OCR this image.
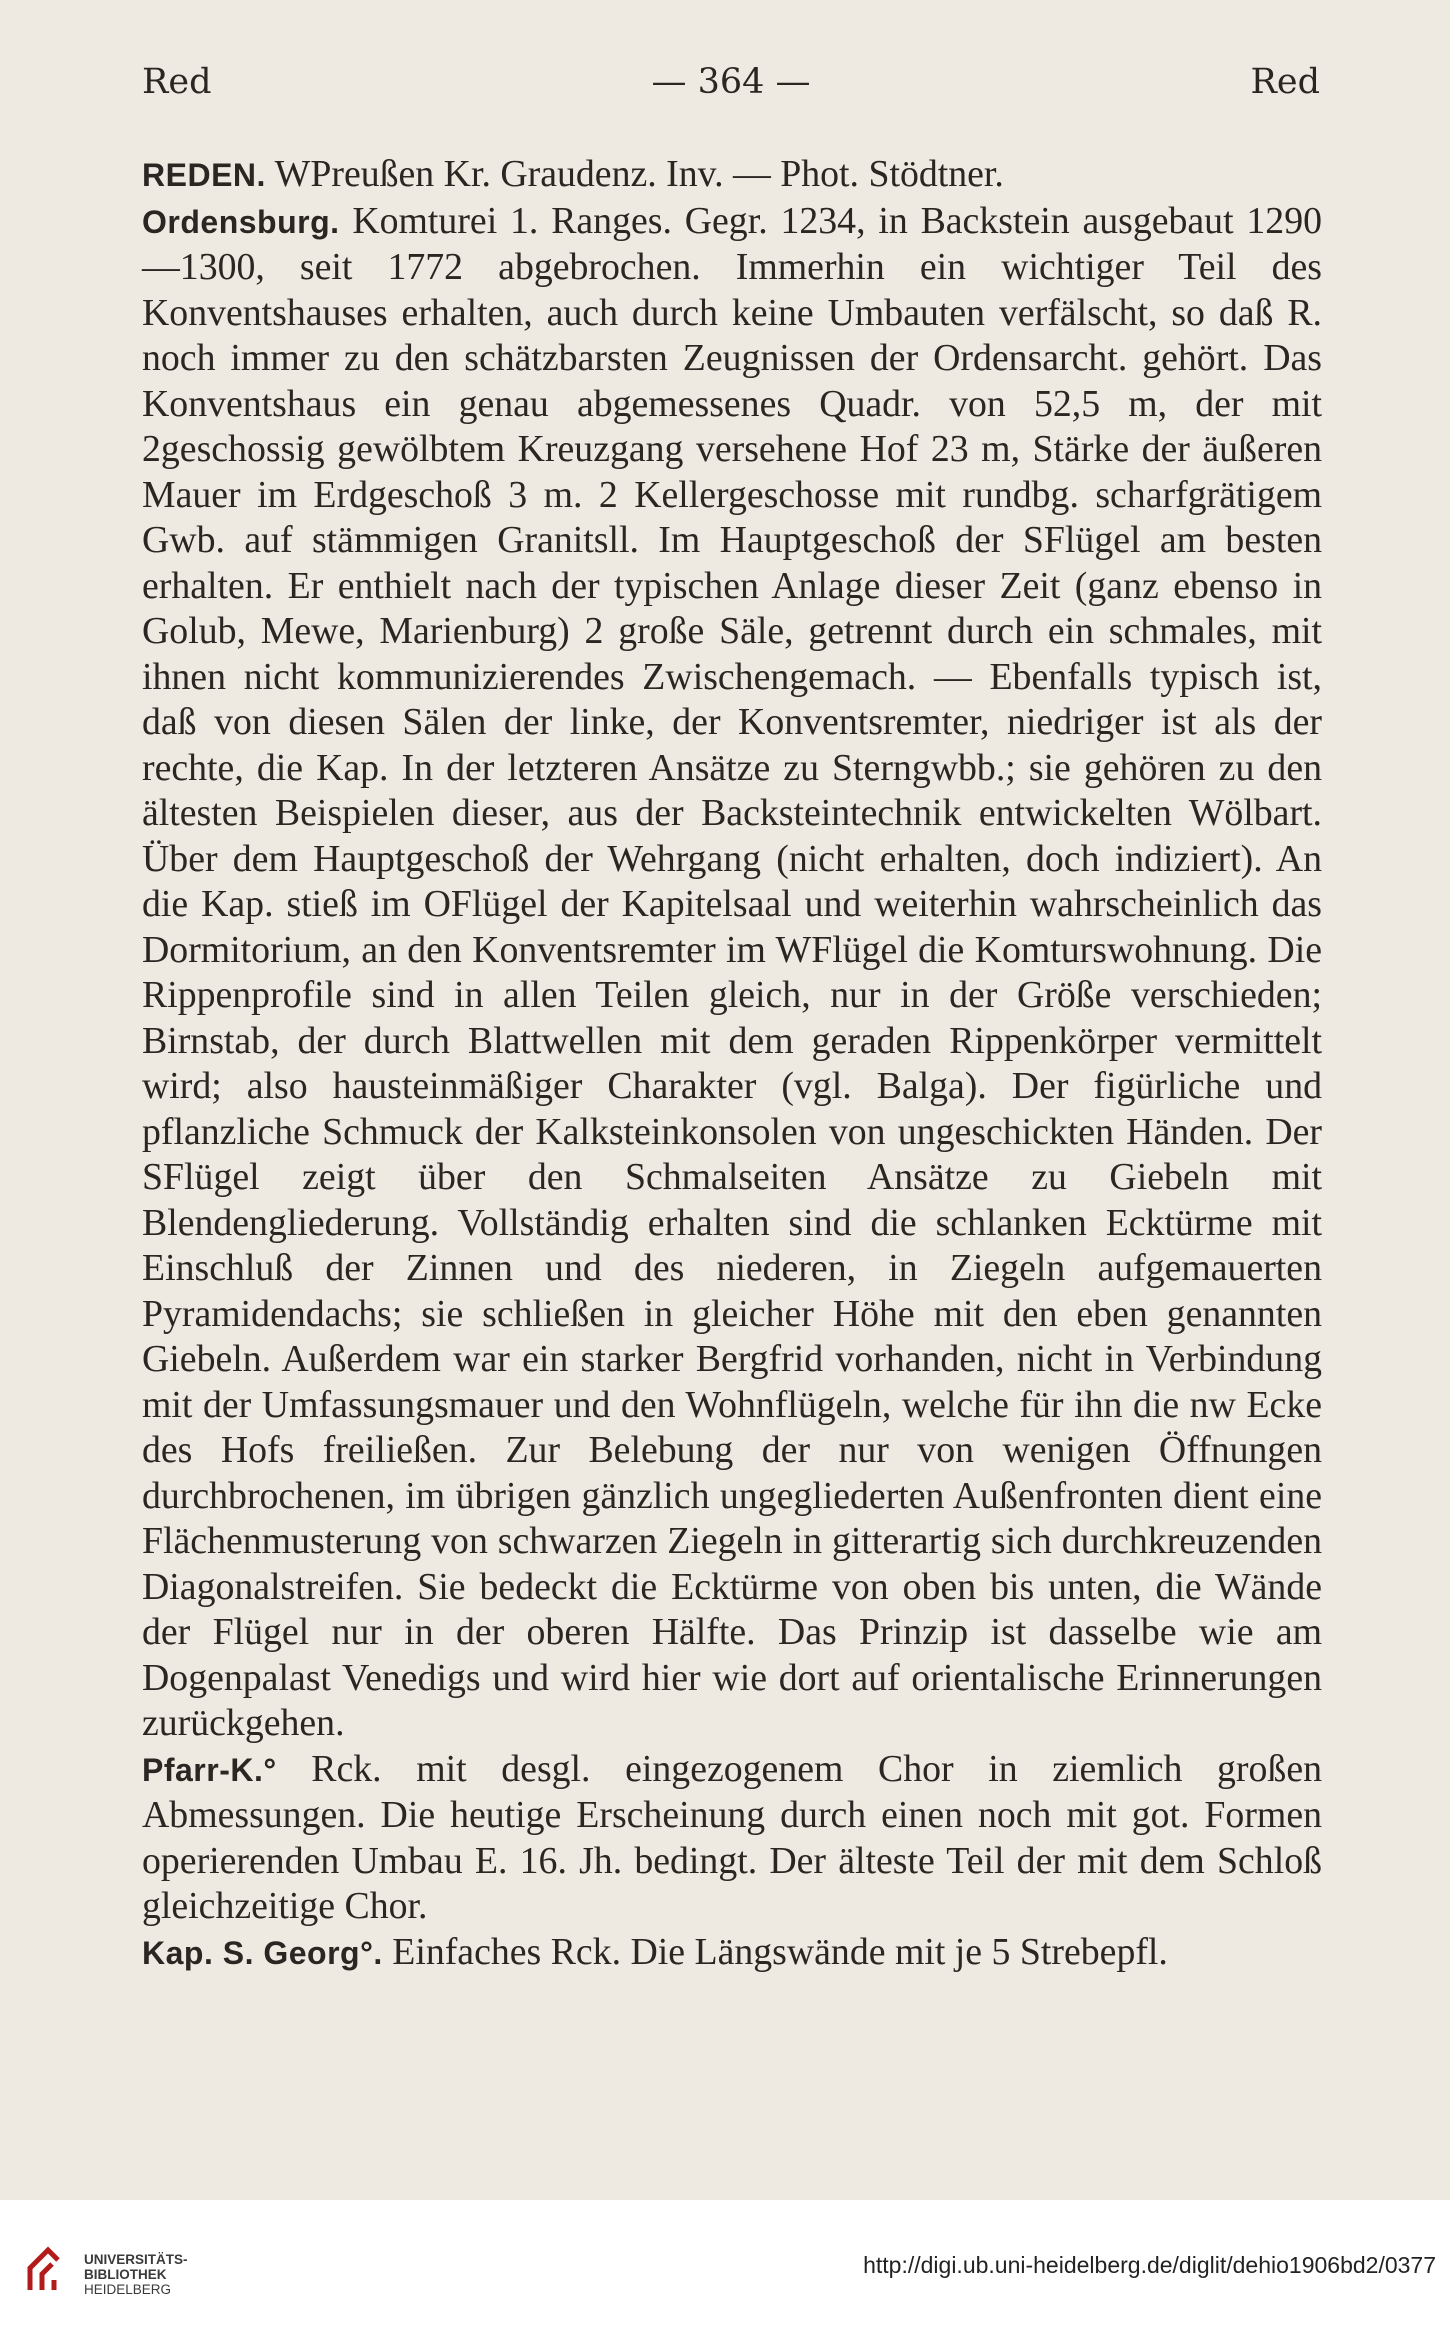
Red	— 364 —	Red

REDEN. WPreußen Kr. Graudenz. Inv. — Phot. Stödtner.

Ordensburg. Komturei 1. Ranges. Gegr. 1234, in Backstein ausgebaut 1290—1300, seit 1772 abgebrochen. Immerhin ein wichtiger Teil des Konventshauses erhalten, auch durch keine Umbauten verfälscht, so daß R. noch immer zu den schätzbarsten Zeugnissen der Ordensarcht. gehört. Das Konventshaus ein genau abgemessenes Quadr. von 52,5 m, der mit 2geschossig gewölbtem Kreuzgang versehene Hof 23 m, Stärke der äußeren Mauer im Erdgeschoß 3 m. 2 Kellergeschosse mit rundbg. scharfgrätigem Gwb. auf stämmigen Granitsll. Im Hauptgeschoß der SFlügel am besten erhalten. Er enthielt nach der typischen Anlage dieser Zeit (ganz ebenso in Golub, Mewe, Marienburg) 2 große Säle, getrennt durch ein schmales, mit ihnen nicht kommunizierendes Zwischengemach. — Ebenfalls typisch ist, daß von diesen Sälen der linke, der Konventsremter, niedriger ist als der rechte, die Kap. In der letzteren Ansätze zu Sterngwbb.; sie gehören zu den ältesten Beispielen dieser, aus der Backsteintechnik entwickelten Wölbart. Über dem Hauptgeschoß der Wehrgang (nicht erhalten, doch indiziert). An die Kap. stieß im OFlügel der Kapitelsaal und weiterhin wahrscheinlich das Dormitorium, an den Konventsremter im WFlügel die Komturswohnung. Die Rippenprofile sind in allen Teilen gleich, nur in der Größe verschieden; Birnstab, der durch Blattwellen mit dem geraden Rippenkörper vermittelt wird; also hausteinmäßiger Charakter (vgl. Balga). Der figürliche und pflanzliche Schmuck der Kalksteinkonsolen von ungeschickten Händen. Der SFlügel zeigt über den Schmalseiten Ansätze zu Giebeln mit Blendengliederung. Vollständig erhalten sind die schlanken Ecktürme mit Einschluß der Zinnen und des niederen, in Ziegeln aufgemauerten Pyramidendachs; sie schließen in gleicher Höhe mit den eben genannten Giebeln. Außerdem war ein starker Bergfrid vorhanden, nicht in Verbindung mit der Umfassungsmauer und den Wohnflügeln, welche für ihn die nw Ecke des Hofs freiließen. Zur Belebung der nur von wenigen Öffnungen durchbrochenen, im übrigen gänzlich ungegliederten Außenfronten dient eine Flächenmusterung von schwarzen Ziegeln in gitterartig sich durchkreuzenden Diagonalstreifen. Sie bedeckt die Ecktürme von oben bis unten, die Wände der Flügel nur in der oberen Hälfte. Das Prinzip ist dasselbe wie am Dogenpalast Venedigs und wird hier wie dort auf orientalische Erinnerungen zurückgehen.

Pfarr-K.° Rck. mit desgl. eingezogenem Chor in ziemlich großen Abmessungen. Die heutige Erscheinung durch einen noch mit got. Formen operierenden Umbau E. 16. Jh. bedingt. Der älteste Teil der mit dem Schloß gleichzeitige Chor.

Kap. S. Georg°. Einfaches Rck. Die Längswände mit je 5 Strebepfl.

UNIVERSITÄTS-
BIBLIOTHEK
HEIDELBERG
http://digi.ub.uni-heidelberg.de/diglit/dehio1906bd2/0377
